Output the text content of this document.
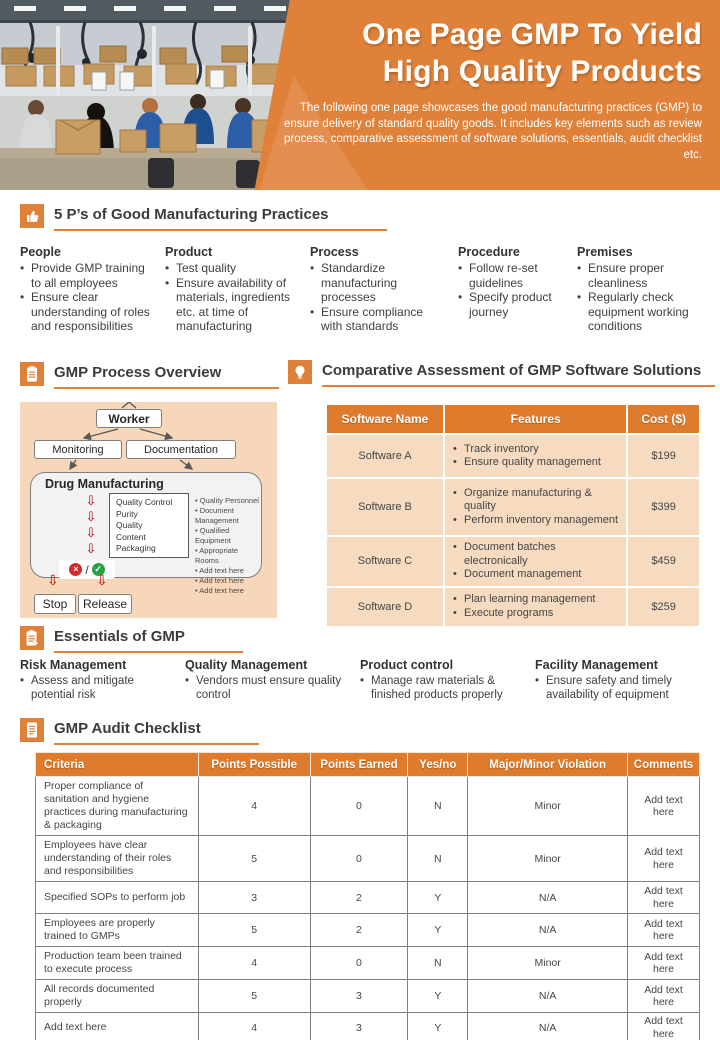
One Page GMP To Yield
High Quality Products
The following one page showcases the good manufacturing practices (GMP) to ensure delivery of standard quality goods. It includes key elements such as review process, comparative assessment of software solutions, essentials, audit checklist etc.
5 P’s of Good Manufacturing Practices
People
• Provide GMP training to all employees
• Ensure clear understanding of roles and responsibilities
Product
• Test quality
• Ensure availability of materials, ingredients etc. at time of manufacturing
Process
• Standardize manufacturing processes
• Ensure compliance with standards
Procedure
• Follow re-set guidelines
• Specify product journey
Premises
• Ensure proper cleanliness
• Regularly check equipment working conditions
GMP Process Overview
Worker
Monitoring	Documentation
Drug Manufacturing
⇩
⇩
⇩
⇩
Quality Control
Purity
Quality
Content
Packaging
• Quality Personnel
• Document Management
• Qualified Equipment
• Appropriate Rooms
• Add text here
• Add text here
• Add text here
×
/
✓
⇩
⇩
Stop	Release
Comparative Assessment of GMP Software Solutions
Software Name	Features	Cost ($)
Software A	• Track inventory
• Ensure quality management	$199
Software B	• Organize manufacturing & quality
• Perform inventory management	$399
Software C	• Document batches electronically
• Document management	$459
Software D	• Plan learning management
• Execute programs	$259
Essentials of GMP
Risk Management
• Assess and mitigate potential risk
Quality Management
• Vendors must ensure quality control
Product control
• Manage raw materials & finished products properly
Facility Management
• Ensure safety and timely availability of equipment
GMP Audit Checklist
Criteria	Points Possible	Points Earned	Yes/no	Major/Minor Violation	Comments
Proper compliance of sanitation and hygiene practices during manufacturing & packaging	4	0	N	Minor	Add text here
Employees have clear understanding of their roles and responsibilities	5	0	N	Minor	Add text here
Specified SOPs to perform job	3	2	Y	N/A	Add text here
Employees are properly trained to GMPs	5	2	Y	N/A	Add text here
Production team been trained to execute process	4	0	N	Minor	Add text here
All records documented properly	5	3	Y	N/A	Add text here
Add text here	4	3	Y	N/A	Add text here
